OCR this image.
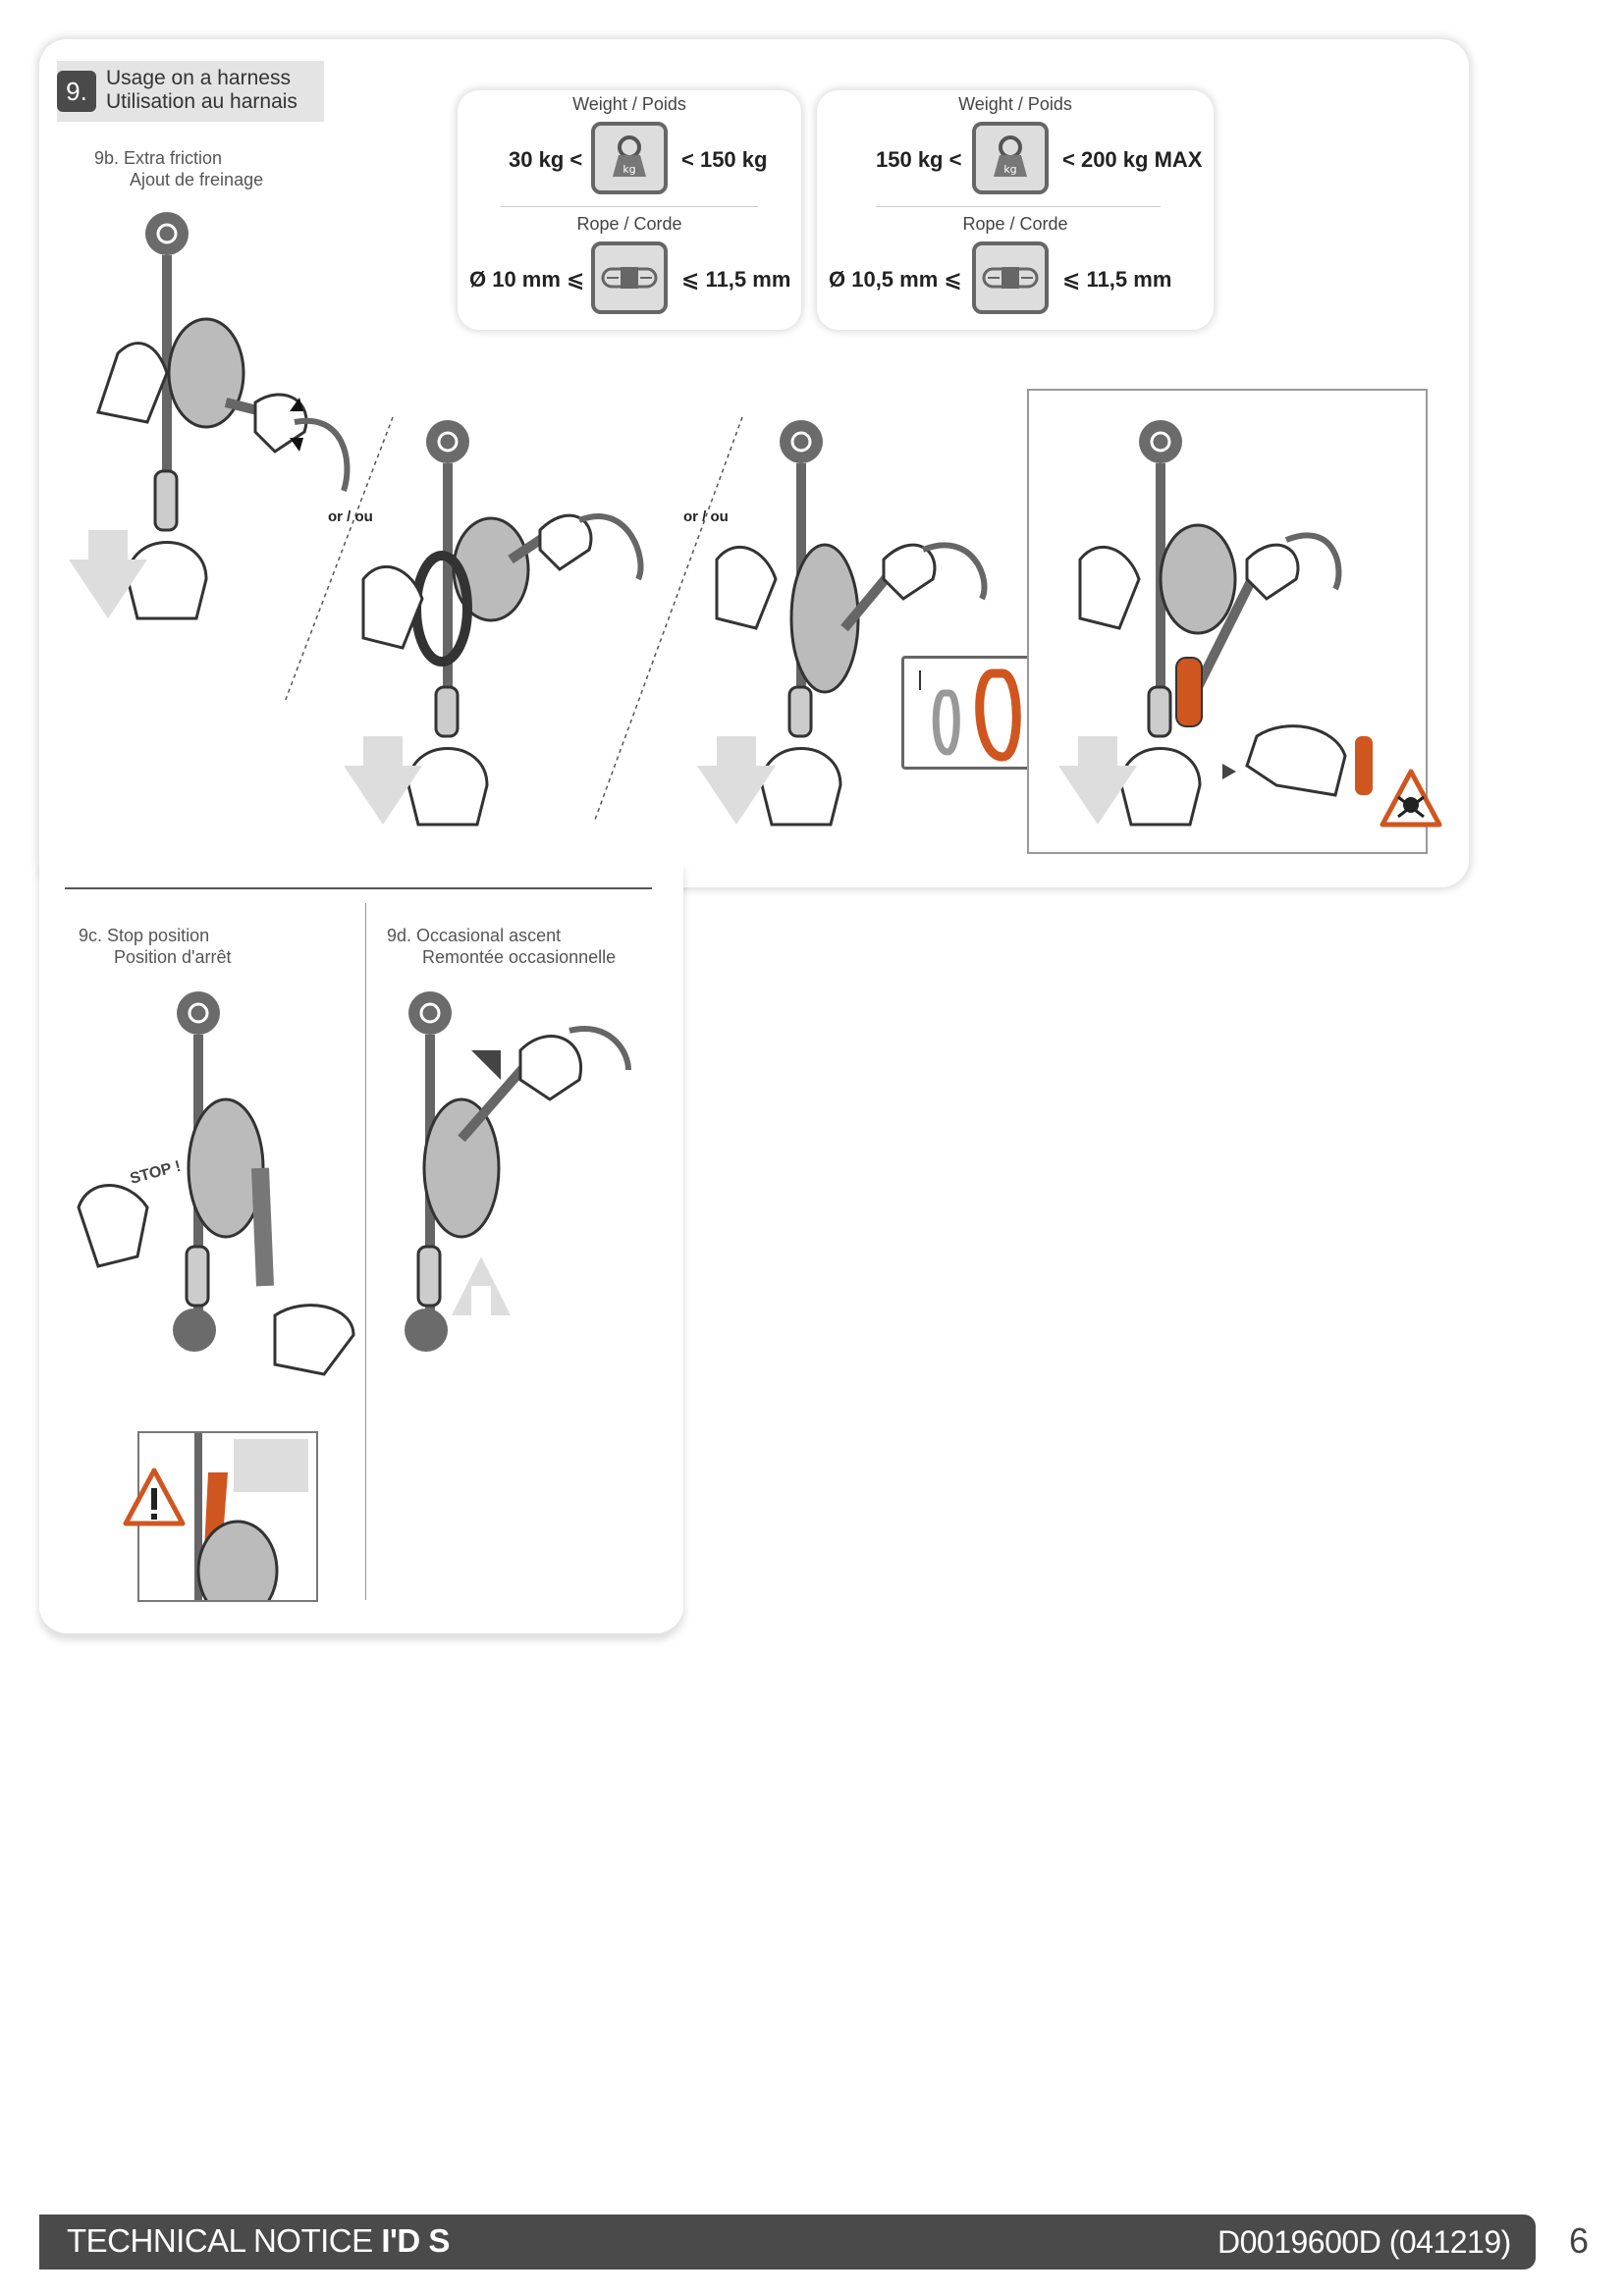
9. Usage on a harness
Utilisation au harnais
9b. Extra friction
Ajout de freinage
Weight / Poids
30 kg <	kg < 150 kg
Rope / Corde
Ø 10 mm ⩽	⩽ 11,5 mm
Weight / Poids
150 kg <	kg < 200 kg MAX
Rope / Corde
Ø 10,5 mm ⩽	⩽ 11,5 mm
or / ou	or / ou
9c. Stop position
Position d'arrêt
STOP !
9d. Occasional ascent
Remontée occasionnelle
TECHNICAL NOTICE I'D S	D0019600D (041219) 6
